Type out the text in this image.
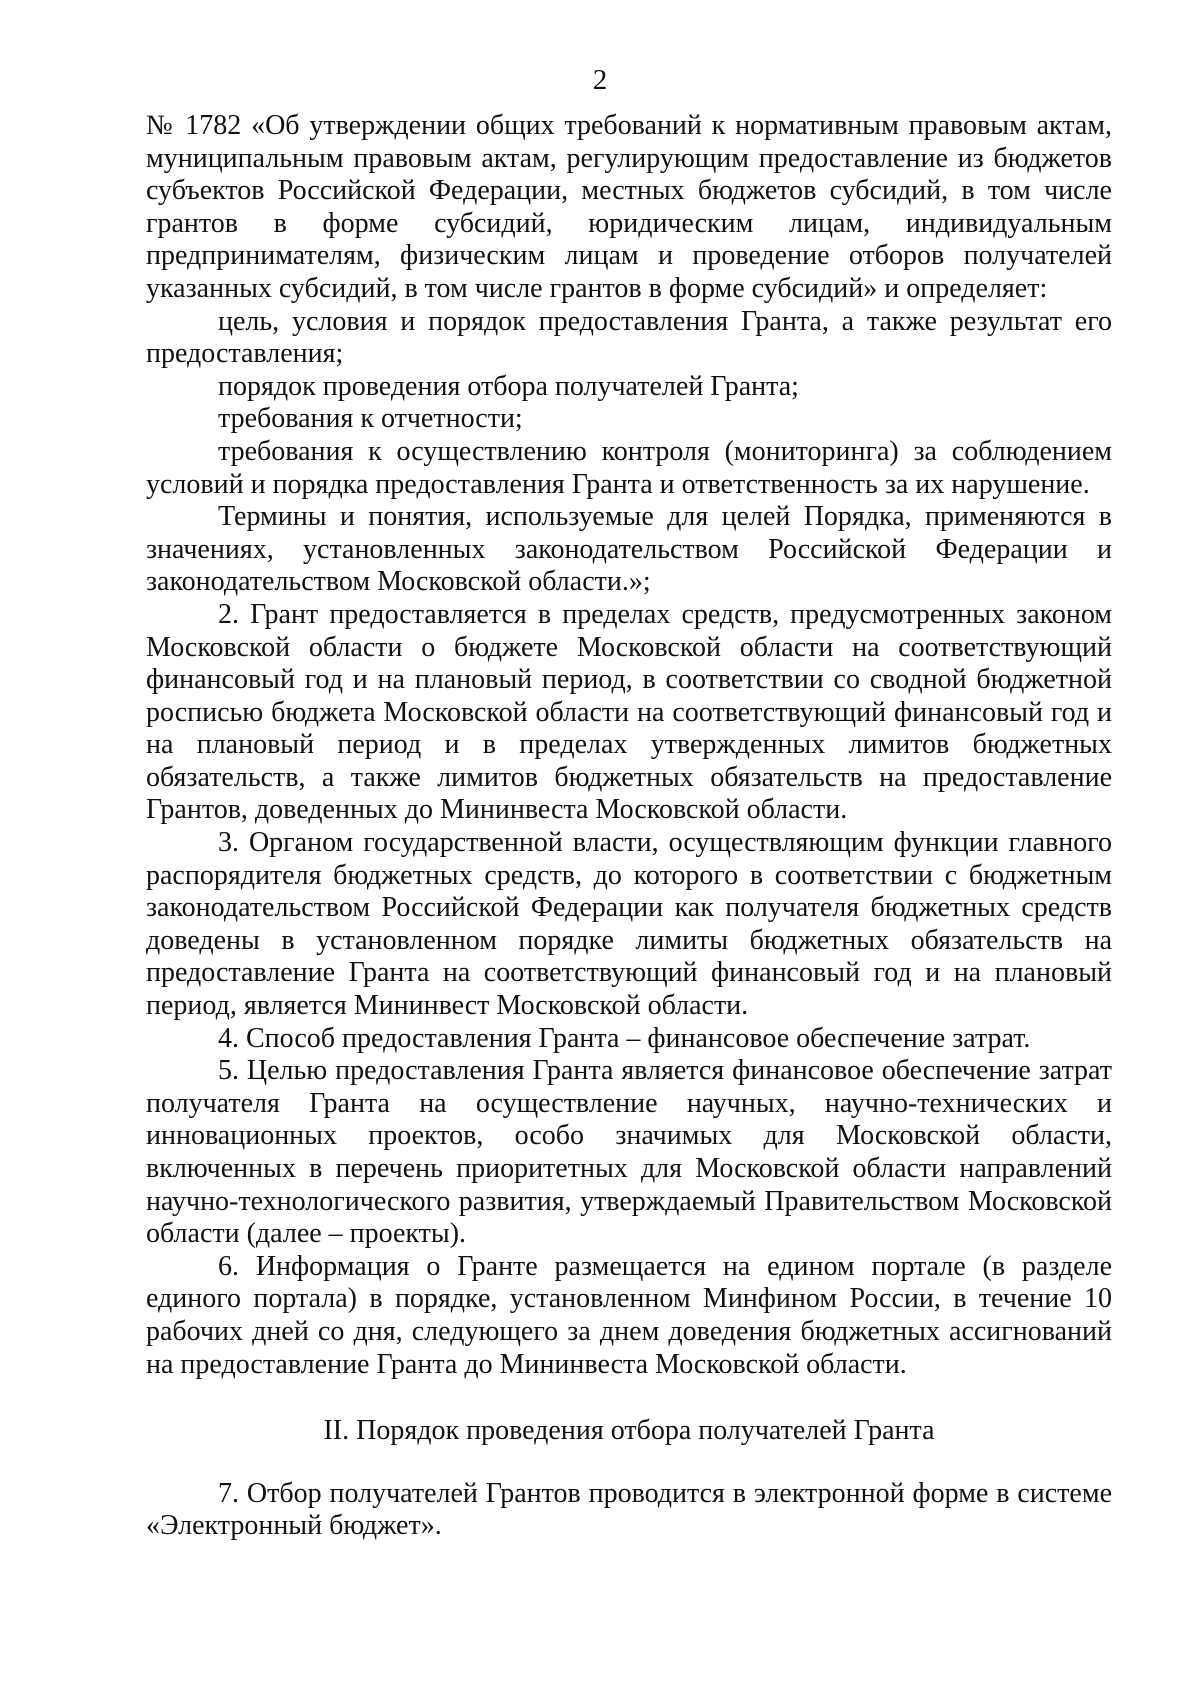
2

№ 1782 «Об утверждении общих требований к нормативным правовым актам, муниципальным правовым актам, регулирующим предоставление из бюджетов субъектов Российской Федерации, местных бюджетов субсидий, в том числе грантов в форме субсидий, юридическим лицам, индивидуальным предпринимателям, физическим лицам и проведение отборов получателей указанных субсидий, в том числе грантов в форме субсидий» и определяет:

цель, условия и порядок предоставления Гранта, а также результат его предоставления;

порядок проведения отбора получателей Гранта;

требования к отчетности;

требования к осуществлению контроля (мониторинга) за соблюдением условий и порядка предоставления Гранта и ответственность за их нарушение.

Термины и понятия, используемые для целей Порядка, применяются в значениях, установленных законодательством Российской Федерации и законодательством Московской области.»;

2. Грант предоставляется в пределах средств, предусмотренных законом Московской области о бюджете Московской области на соответствующий финансовый год и на плановый период, в соответствии со сводной бюджетной росписью бюджета Московской области на соответствующий финансовый год и на плановый период и в пределах утвержденных лимитов бюджетных обязательств, а также лимитов бюджетных обязательств на предоставление Грантов, доведенных до Мининвеста Московской области.

3. Органом государственной власти, осуществляющим функции главного распорядителя бюджетных средств, до которого в соответствии с бюджетным законодательством Российской Федерации как получателя бюджетных средств доведены в установленном порядке лимиты бюджетных обязательств на предоставление Гранта на соответствующий финансовый год и на плановый период, является Мининвест Московской области.

4. Способ предоставления Гранта – финансовое обеспечение затрат.

5. Целью предоставления Гранта является финансовое обеспечение затрат получателя Гранта на осуществление научных, научно-технических и инновационных проектов, особо значимых для Московской области, включенных в перечень приоритетных для Московской области направлений научно-технологического развития, утверждаемый Правительством Московской области (далее – проекты).

6. Информация о Гранте размещается на едином портале (в разделе единого портала) в порядке, установленном Минфином России, в течение 10 рабочих дней со дня, следующего за днем доведения бюджетных ассигнований на предоставление Гранта до Мининвеста Московской области.

II. Порядок проведения отбора получателей Гранта

7. Отбор получателей Грантов проводится в электронной форме в системе «Электронный бюджет».
